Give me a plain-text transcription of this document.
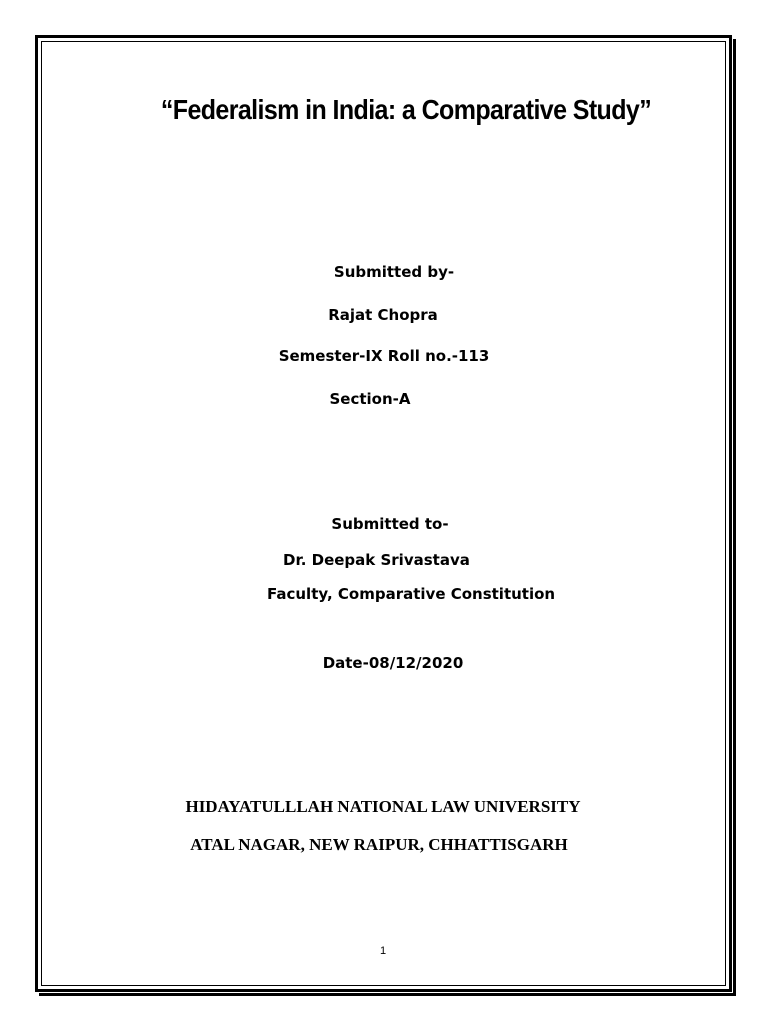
“Federalism in India: a Comparative Study”
Submitted by-
Rajat Chopra
Semester-IX Roll no.-113
Section-A
Submitted to-
Dr. Deepak Srivastava
Faculty, Comparative Constitution
Date-08/12/2020
HIDAYATULLLAH NATIONAL LAW UNIVERSITY
ATAL NAGAR, NEW RAIPUR, CHHATTISGARH
1
